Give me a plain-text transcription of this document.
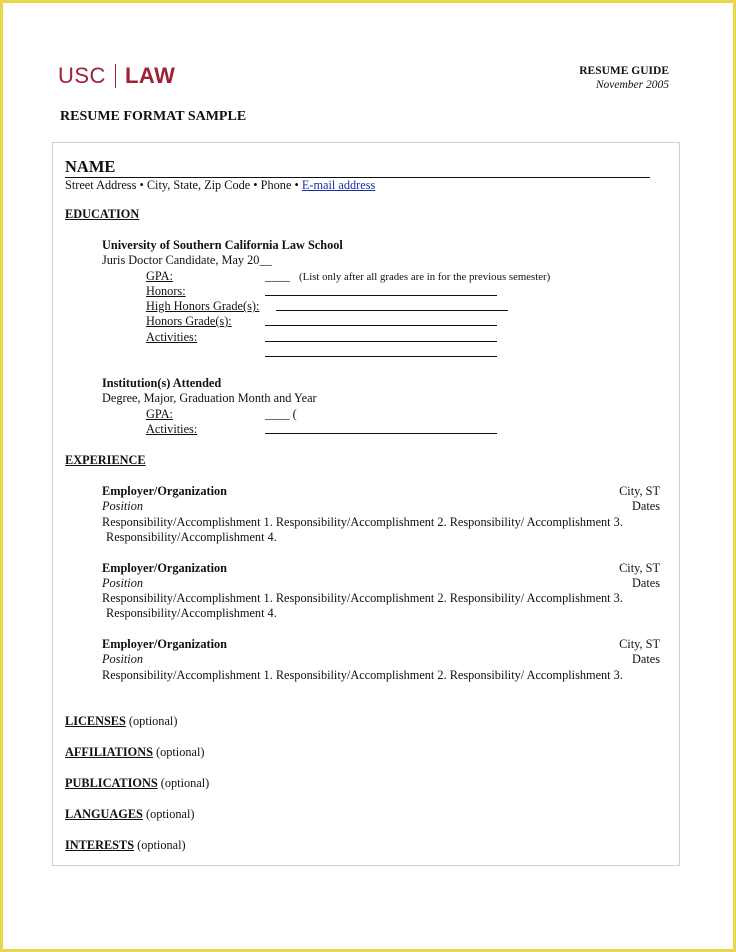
USC LAW	RESUME GUIDE
November 2005
RESUME FORMAT SAMPLE
NAME
Street Address • City, State, Zip Code • Phone • E-mail address
EDUCATION
University of Southern California Law School
Juris Doctor Candidate, May 20__
GPA:	____ (List only after all grades are in for the previous semester)
Honors:
High Honors Grade(s):
Honors Grade(s):
Activities:
Institution(s) Attended
Degree, Major, Graduation Month and Year
GPA:	____ (
Activities:
EXPERIENCE
Employer/Organization	City, ST
Position	Dates
Responsibility/Accomplishment 1. Responsibility/Accomplishment 2. Responsibility/ Accomplishment 3.
Responsibility/Accomplishment 4.
Employer/Organization	City, ST
Position	Dates
Responsibility/Accomplishment 1. Responsibility/Accomplishment 2. Responsibility/ Accomplishment 3.
Responsibility/Accomplishment 4.
Employer/Organization	City, ST
Position	Dates
Responsibility/Accomplishment 1. Responsibility/Accomplishment 2. Responsibility/ Accomplishment 3.
LICENSES (optional)
AFFILIATIONS (optional)
PUBLICATIONS (optional)
LANGUAGES (optional)
INTERESTS (optional)
